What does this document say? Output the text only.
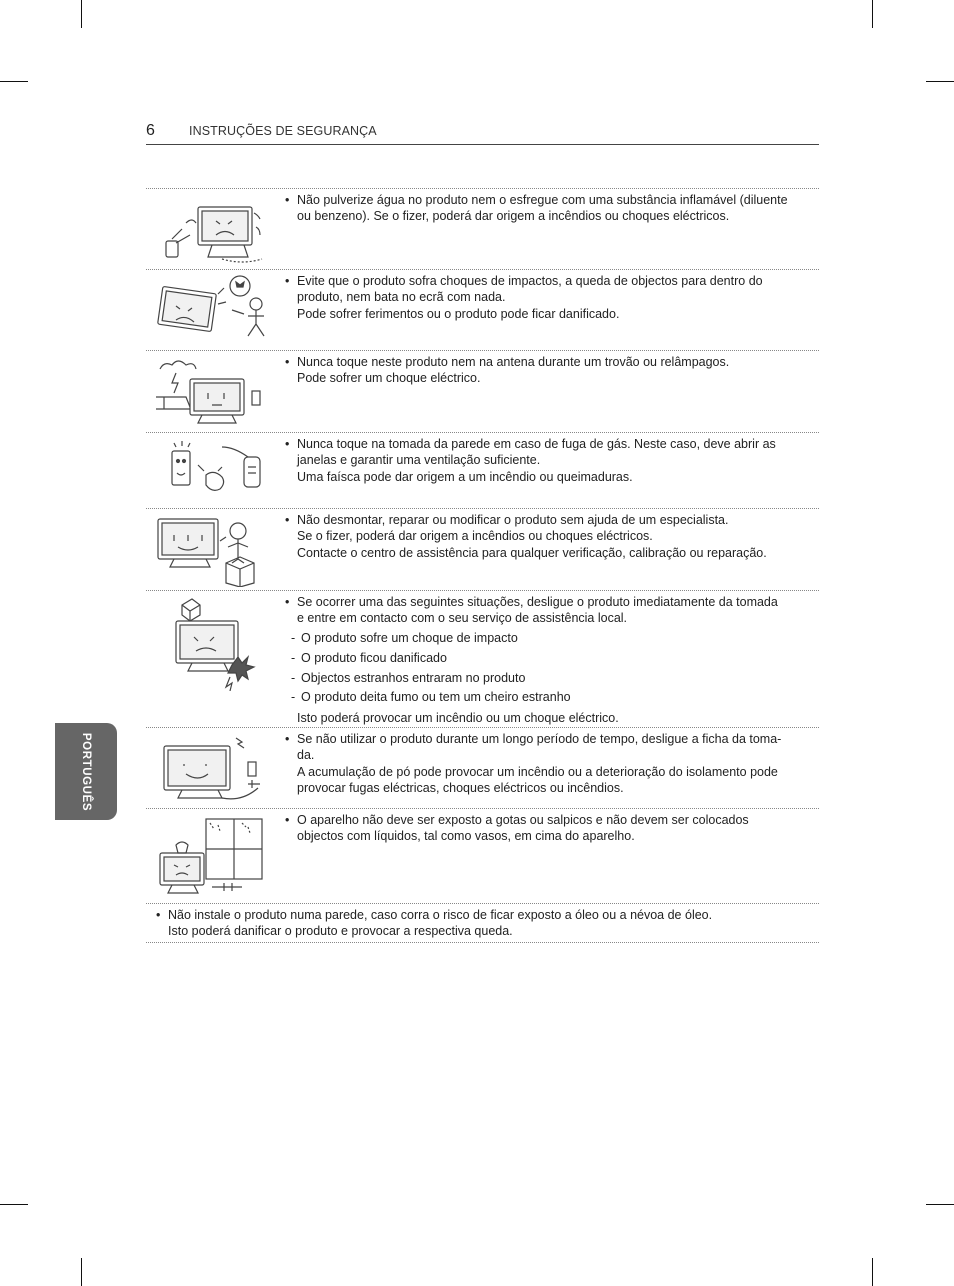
6	INSTRUÇÕES DE SEGURANÇA
PORTUGUÊS
• Não pulverize água no produto nem o esfregue com uma substância inflamável (diluente
ou benzeno). Se o fizer, poderá dar origem a incêndios ou choques eléctricos.
• Evite que o produto sofra choques de impactos, a queda de objectos para dentro do
produto, nem bata no ecrã com nada.
Pode sofrer ferimentos ou o produto pode ficar danificado.
• Nunca toque neste produto nem na antena durante um trovão ou relâmpagos.
Pode sofrer um choque eléctrico.
• Nunca toque na tomada da parede em caso de fuga de gás. Neste caso, deve abrir as
janelas e garantir uma ventilação suficiente.
Uma faísca pode dar origem a um incêndio ou queimaduras.
• Não desmontar, reparar ou modificar o produto sem ajuda de um especialista.
Se o fizer, poderá dar origem a incêndios ou choques eléctricos.
Contacte o centro de assistência para qualquer verificação, calibração ou reparação.
• Se ocorrer uma das seguintes situações, desligue o produto imediatamente da tomada
e entre em contacto com o seu serviço de assistência local.
- O produto sofre um choque de impacto
- O produto ficou danificado
- Objectos estranhos entraram no produto
- O produto deita fumo ou tem um cheiro estranho
Isto poderá provocar um incêndio ou um choque eléctrico.
• Se não utilizar o produto durante um longo período de tempo, desligue a ficha da toma-
da.
A acumulação de pó pode provocar um incêndio ou a deterioração do isolamento pode
provocar fugas eléctricas, choques eléctricos ou incêndios.
• O aparelho não deve ser exposto a gotas ou salpicos e não devem ser colocados
objectos com líquidos, tal como vasos, em cima do aparelho.
• Não instale o produto numa parede, caso corra o risco de ficar exposto a óleo ou a névoa de óleo.
Isto poderá danificar o produto e provocar a respectiva queda.
